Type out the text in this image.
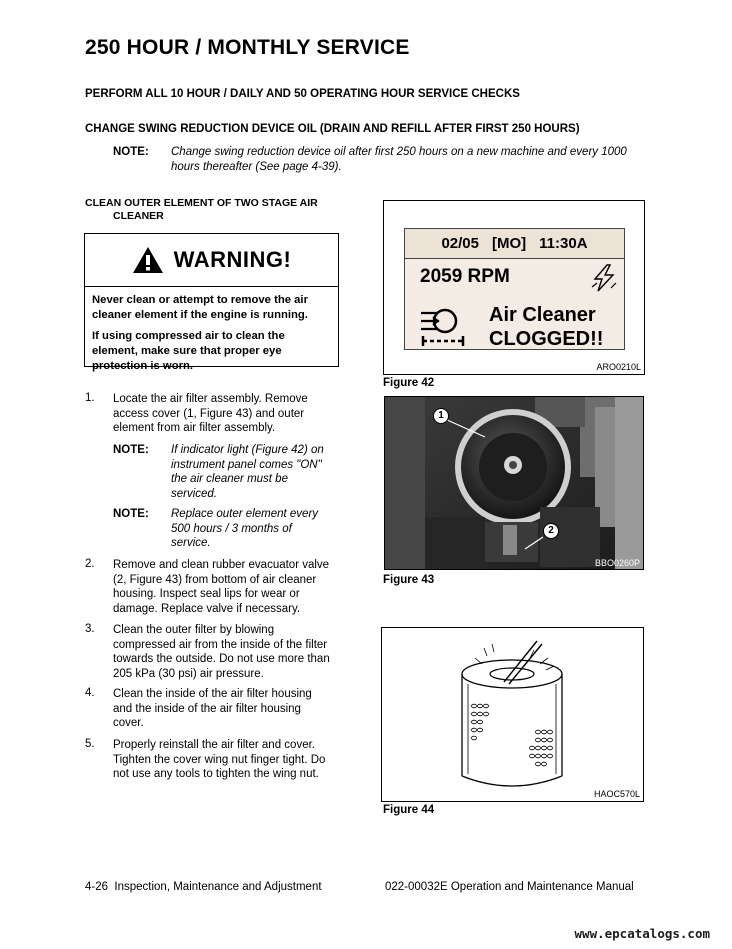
250 HOUR / MONTHLY SERVICE
PERFORM ALL 10 HOUR / DAILY AND 50 OPERATING HOUR SERVICE CHECKS
CHANGE SWING REDUCTION DEVICE OIL (DRAIN AND REFILL AFTER FIRST 250 HOURS)
NOTE: Change swing reduction device oil after first 250 hours on a new machine and every 1000
hours thereafter (See page 4-39).
CLEAN OUTER ELEMENT OF TWO STAGE AIR
CLEANER
WARNING!

Never clean or attempt to remove the air
cleaner element if the engine is running.

If using compressed air to clean the
element, make sure that proper eye
protection is worn.

1. Locate the air filter assembly. Remove
access cover (1, Figure 43) and outer
element from air filter assembly.
NOTE: If indicator light (Figure 42) on
instrument panel comes "ON"
the air cleaner must be
serviced.
NOTE: Replace outer element every
500 hours / 3 months of
service.
2. Remove and clean rubber evacuator valve
(2, Figure 43) from bottom of air cleaner
housing. Inspect seal lips for wear or
damage. Replace valve if necessary.
3. Clean the outer filter by blowing
compressed air from the inside of the filter
towards the outside. Do not use more than
205 kPa (30 psi) air pressure.
4. Clean the inside of the air filter housing
and the inside of the air filter housing
cover.
5. Properly reinstall the air filter and cover.
Tighten the cover wing nut finger tight. Do
not use any tools to tighten the wing nut.
02/05 [MO] 11:30A
2059 RPM
Air Cleaner
CLOGGED!!
ARO0210L
Figure 42
1
2
BBO0260P
Figure 43
HAOC570L
Figure 44
4-26  Inspection, Maintenance and Adjustment	022-00032E Operation and Maintenance Manual
www.epcatalogs.com
